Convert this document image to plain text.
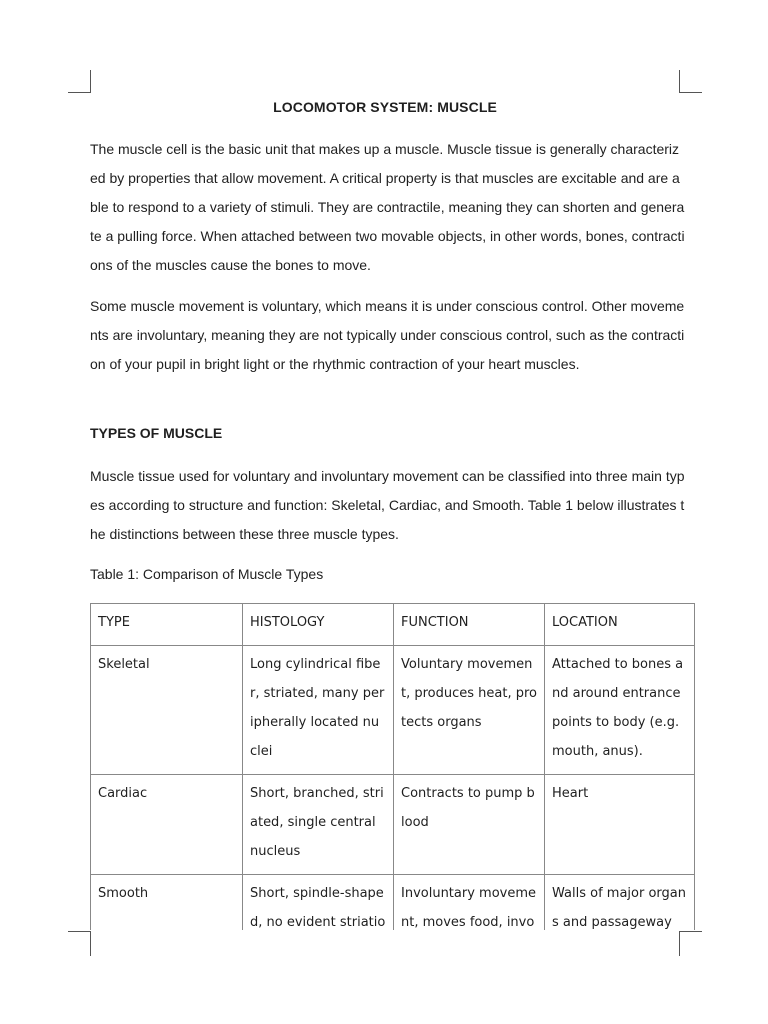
LOCOMOTOR SYSTEM: MUSCLE

The muscle cell is the basic unit that makes up a muscle. Muscle tissue is generally characterized by properties that allow movement. A critical property is that muscles are excitable and are able to respond to a variety of stimuli. They are contractile, meaning they can shorten and generate a pulling force. When attached between two movable objects, in other words, bones, contractions of the muscles cause the bones to move.

Some muscle movement is voluntary, which means it is under conscious control. Other movements are involuntary, meaning they are not typically under conscious control, such as the contraction of your pupil in bright light or the rhythmic contraction of your heart muscles.

TYPES OF MUSCLE

Muscle tissue used for voluntary and involuntary movement can be classified into three main types according to structure and function: Skeletal, Cardiac, and Smooth. Table 1 below illustrates the distinctions between these three muscle types.

Table 1: Comparison of Muscle Types

TYPE	HISTOLOGY	FUNCTION	LOCATION
Skeletal	Long cylindrical fiber, striated, many peripherally located nuclei	Voluntary movement, produces heat, protects organs	Attached to bones and around entrance points to body (e.g. mouth, anus).
Cardiac	Short, branched, striated, single central nucleus	Contracts to pump blood	Heart
Smooth	Short, spindle-shaped, no evident striatio	Involuntary movement, moves food, invo	Walls of major organs and passageway
